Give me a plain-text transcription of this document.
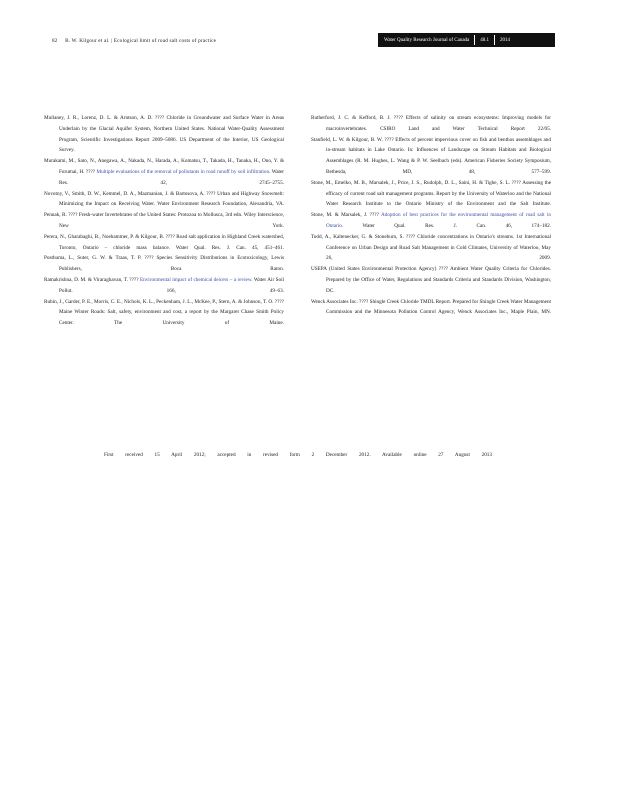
82 B. W. Kilgour et al. | Ecological limit of road salt costs of practice	Water Quality Research Journal of Canada 48.1 2014

Mullaney, J. R., Lorenz, D. L. & Arntson, A. D. ???? Chloride in Groundwater and Surface Water in Areas Underlain by the Glacial Aquifer System, Northern United States. National Water-Quality Assessment Program, Scientific Investigations Report 2009–5086. US Department of the Interior, US Geological Survey.

Murakami, M., Sato, N., Anegawa, A., Nakada, N., Harada, A., Komatsu, T., Takada, H., Tanaka, H., Ono, Y. & Furumai, H. ???? Multiple evaluations of the removal of pollutants in road runoff by soil infiltration. Water Res. 42, 2745–2755.

Novotny, V., Smith, D. W., Kemmel, D. A., Mazmanian, J. & Bartosova, A. ???? Urban and Highway Snowmelt: Minimizing the Impact on Receiving Water. Water Environment Research Foundation, Alexandria, VA.

Pennak, R. ???? Fresh-water Invertebrates of the United States: Protozoa to Mollusca, 3rd edn. Wiley Interscience, New York.

Perera, N., Gharabaghi, B., Noehammer, P. & Kilgour, B. ???? Road salt application in Highland Creek watershed, Toronto, Ontario – chloride mass balance. Water Qual. Res. J. Can. 45, 451–461.

Posthuma, L., Suter, G. W. & Traas, T. P. ???? Species Sensitivity Distributions in Ecotoxicology, Lewis Publishers, Boca Raton.

Ramakrishna, D. M. & Viraraghavan, T. ???? Environmental impact of chemical deicers – a review. Water Air Soil Pollut. 166, 49–63.

Rubin, J., Garder, P. E., Morris, C. E., Nichols, K. L., Peckenham, J. L., McKee, P., Stern, A. & Johnson, T. O. ???? Maine Winter Roads: Salt, safety, environment and cost, a report by the Margaret Chase Smith Policy Center. The University of Maine.

Rutherford, J. C. & Kefford, B. J. ???? Effects of salinity on stream ecosystems: Improving models for macroinvertebrates. CSIRO Land and Water Technical Report 22/05.

Stanfield, L. W. & Kilgour, B. W. ???? Effects of percent impervious cover on fish and benthos assemblages and in-stream habitats in Lake Ontario. In: Influences of Landscape on Stream Habitats and Biological Assemblages (R. M. Hughes, L. Wang & P. W. Seelbach (eds). American Fisheries Society Symposium, Bethesda, MD, 48, 577–599.

Stone, M., Emelko, M. B., Marsalek, J., Price, J. S., Rudolph, D. L., Saini, H. & Tighe, S. L. ???? Assessing the efficacy of current road salt management programs. Report by the University of Waterloo and the National Water Research Institute to the Ontario Ministry of the Environment and the Salt Institute.

Stone, M. & Marsalek, J. ???? Adoption of best practices for the environmental management of road salt in Ontario. Water Qual. Res. J. Can. 46, 174–182.

Todd, A., Kaltenecker, G. & Stoneburn, S. ???? Chloride concentrations in Ontario's streams. 1st International Conference on Urban Design and Road Salt Management in Cold Climates, University of Waterloo, May 26, 2009.

USEPA (United States Environmental Protection Agency) ???? Ambient Water Quality Criteria for Chlorides. Prepared by the Office of Water, Regulations and Standards Criteria and Standards Division, Washington, DC.

Wenck Associates Inc. ???? Shingle Creek Chloride TMDL Report. Prepared for Shingle Creek Water Management Commission and the Minnesota Pollution Control Agency, Wenck Associates Inc., Maple Plain, MN.

First received 15 April 2012; accepted in revised form 2 December 2012. Available online 27 August 2013
